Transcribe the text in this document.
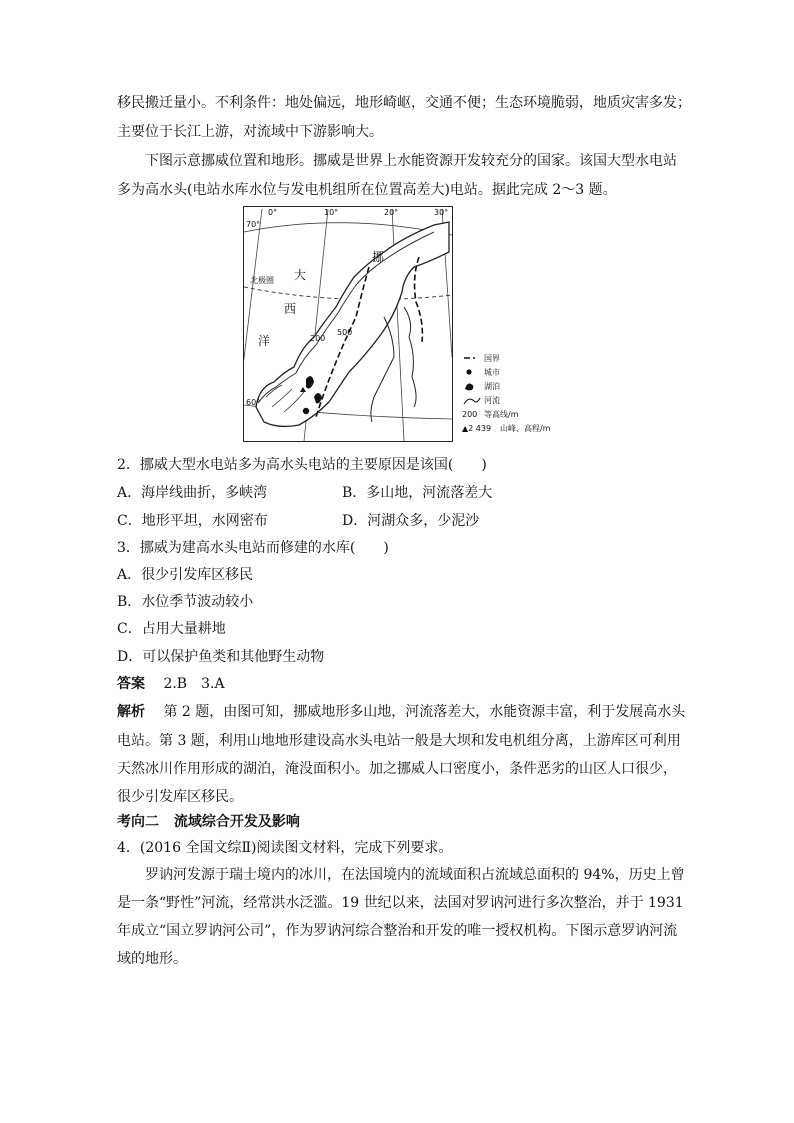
移民搬迁量小。不利条件：地处偏远，地形崎岖，交通不便；生态环境脆弱，地质灾害多发；
主要位于长江上游，对流域中下游影响大。
下图示意挪威位置和地形。挪威是世界上水能资源开发较充分的国家。该国大型水电站
多为高水头(电站水库水位与发电机组所在位置高差大)电站。据此完成 2～3 题。
0°	10°	20°	30°
70°
60°
北极圈 大
西
洋
挪
200
500
国界
城市
湖泊
河流
200 等高线/m
▲2 439 山峰、高程/m
2．挪威大型水电站多为高水头电站的主要原因是该国(　　)
A．海岸线曲折，多峡湾	B．多山地，河流落差大
C．地形平坦，水网密布	D．河湖众多，少泥沙
3．挪威为建高水头电站而修建的水库(　　)
A．很少引发库区移民
B．水位季节波动较小
C．占用大量耕地
D．可以保护鱼类和其他野生动物
答案 2.B　3.A
解析 第 2 题，由图可知，挪威地形多山地，河流落差大，水能资源丰富，利于发展高水头
电站。第 3 题，利用山地地形建设高水头电站一般是大坝和发电机组分离，上游库区可利用
天然冰川作用形成的湖泊，淹没面积小。加之挪威人口密度小，条件恶劣的山区人口很少，
很少引发库区移民。
考向二 流域综合开发及影响
4．(2016 全国文综Ⅱ)阅读图文材料，完成下列要求。
罗讷河发源于瑞士境内的冰川，在法国境内的流域面积占流域总面积的 94%，历史上曾
是一条“野性”河流，经常洪水泛滥。19 世纪以来，法国对罗讷河进行多次整治，并于 1931
年成立“国立罗讷河公司”，作为罗讷河综合整治和开发的唯一授权机构。下图示意罗讷河流
域的地形。
